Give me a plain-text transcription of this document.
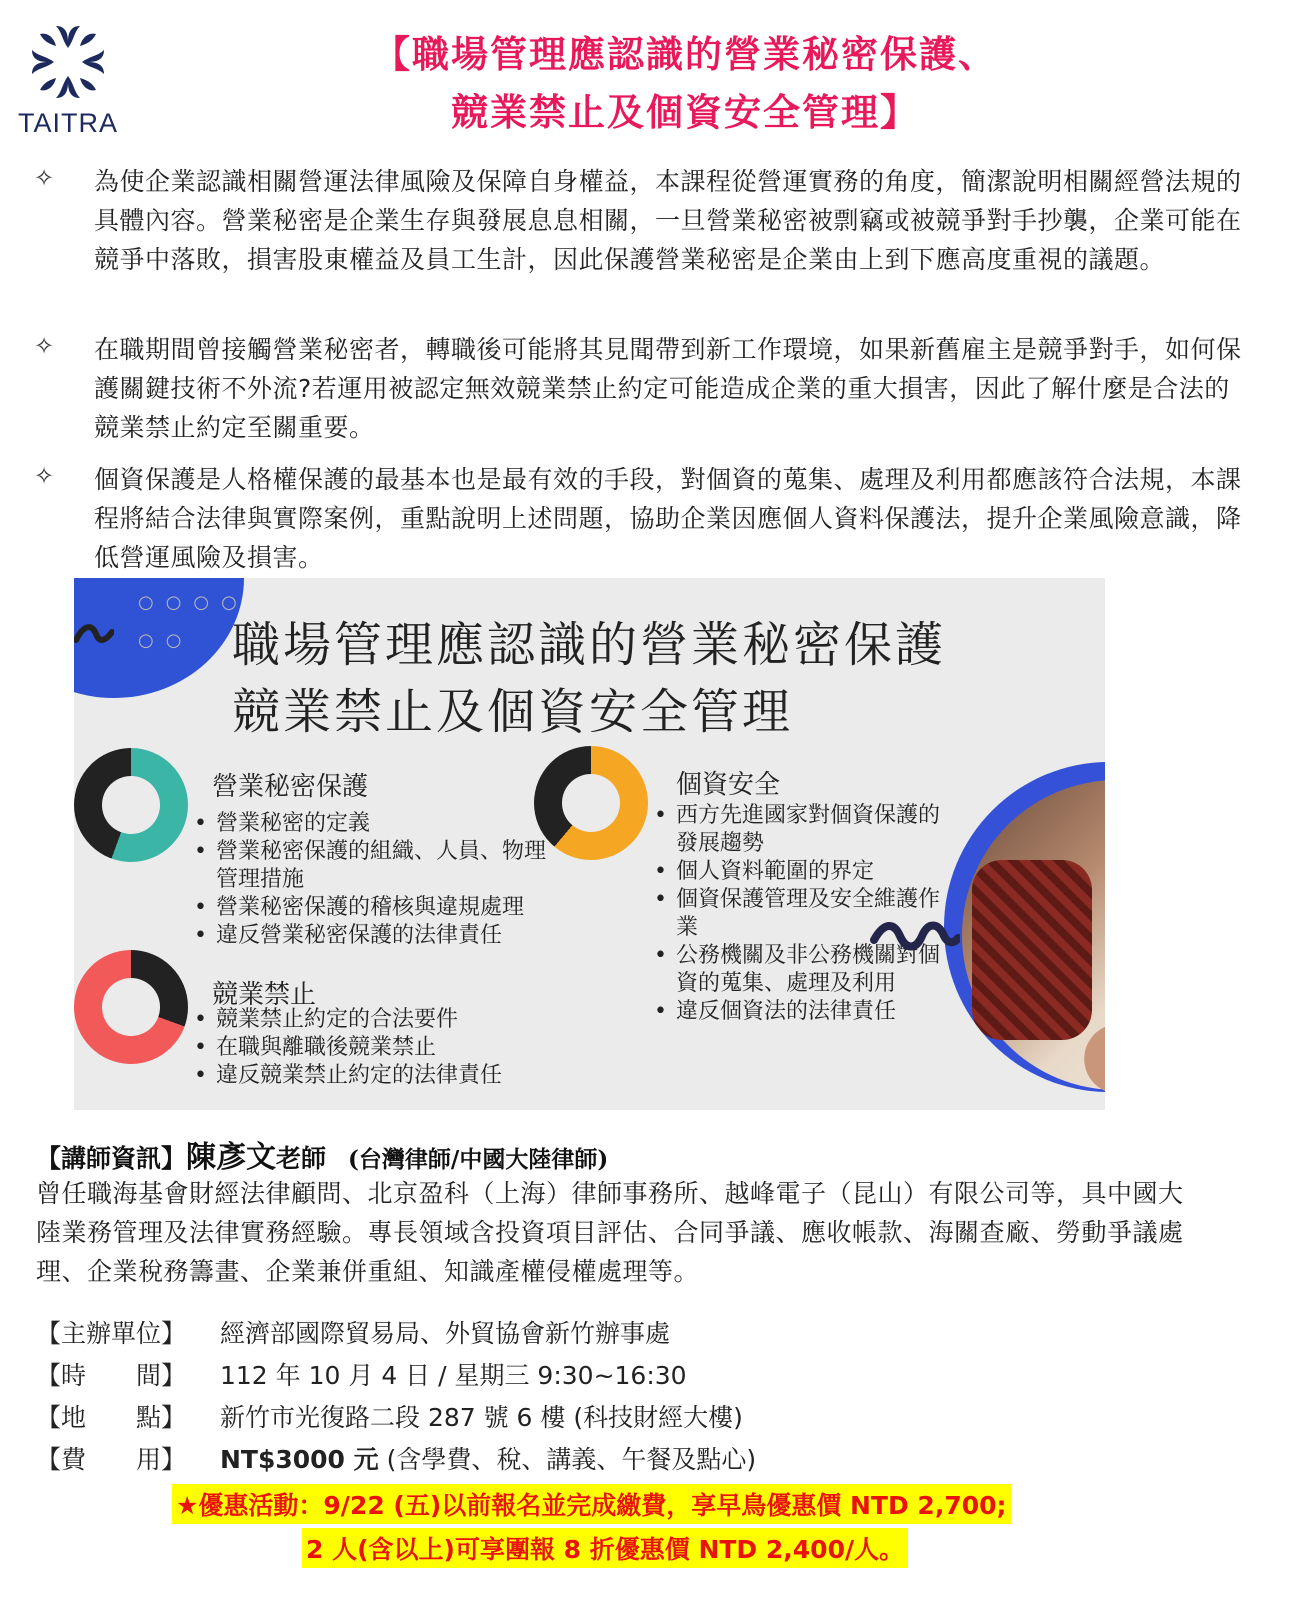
TAITRA
【職場管理應認識的營業秘密保護、
競業禁止及個資安全管理】
✧ 為使企業認識相關營運法律風險及保障自身權益，本課程從營運實務的角度，簡潔說明相關經營法規的具體內容。營業秘密是企業生存與發展息息相關，一旦營業秘密被剽竊或被競爭對手抄襲，企業可能在競爭中落敗，損害股東權益及員工生計，因此保護營業秘密是企業由上到下應高度重視的議題。
✧ 在職期間曾接觸營業秘密者，轉職後可能將其見聞帶到新工作環境，如果新舊雇主是競爭對手，如何保護關鍵技術不外流?若運用被認定無效競業禁止約定可能造成企業的重大損害，因此了解什麼是合法的競業禁止約定至關重要。
✧ 個資保護是人格權保護的最基本也是最有效的手段，對個資的蒐集、處理及利用都應該符合法規，本課程將結合法律與實際案例，重點說明上述問題，協助企業因應個人資料保護法，提升企業風險意識，降低營運風險及損害。
○○○○
○○ 職場管理應認識的營業秘密保護
競業禁止及個資安全管理
營業秘密保護
• 營業秘密的定義
• 營業秘密保護的組織、人員、物理管理措施
• 營業秘密保護的稽核與違規處理
• 違反營業秘密保護的法律責任
競業禁止
• 競業禁止約定的合法要件
• 在職與離職後競業禁止
• 違反競業禁止約定的法律責任
個資安全
• 西方先進國家對個資保護的發展趨勢
• 個人資料範圍的界定
• 個資保護管理及安全維護作業
• 公務機關及非公務機關對個資的蒐集、處理及利用
• 違反個資法的法律責任
【講師資訊】陳彥文老師 (台灣律師/中國大陸律師)
曾任職海基會財經法律顧問、北京盈科（上海）律師事務所、越峰電子（昆山）有限公司等，具中國大陸業務管理及法律實務經驗。專長領域含投資項目評估、合同爭議、應收帳款、海關查廠、勞動爭議處理、企業稅務籌畫、企業兼併重組、知識產權侵權處理等。
【主辦單位】 經濟部國際貿易局、外貿協會新竹辦事處
【時　　間】 112 年 10 月 4 日 / 星期三 9:30~16:30
【地　　點】 新竹市光復路二段 287 號 6 樓 (科技財經大樓)
【費　　用】 NT$3000 元 (含學費、稅、講義、午餐及點心)
★優惠活動：9/22 (五)以前報名並完成繳費，享早鳥優惠價 NTD 2,700;
2 人(含以上)可享團報 8 折優惠價 NTD 2,400/人。
